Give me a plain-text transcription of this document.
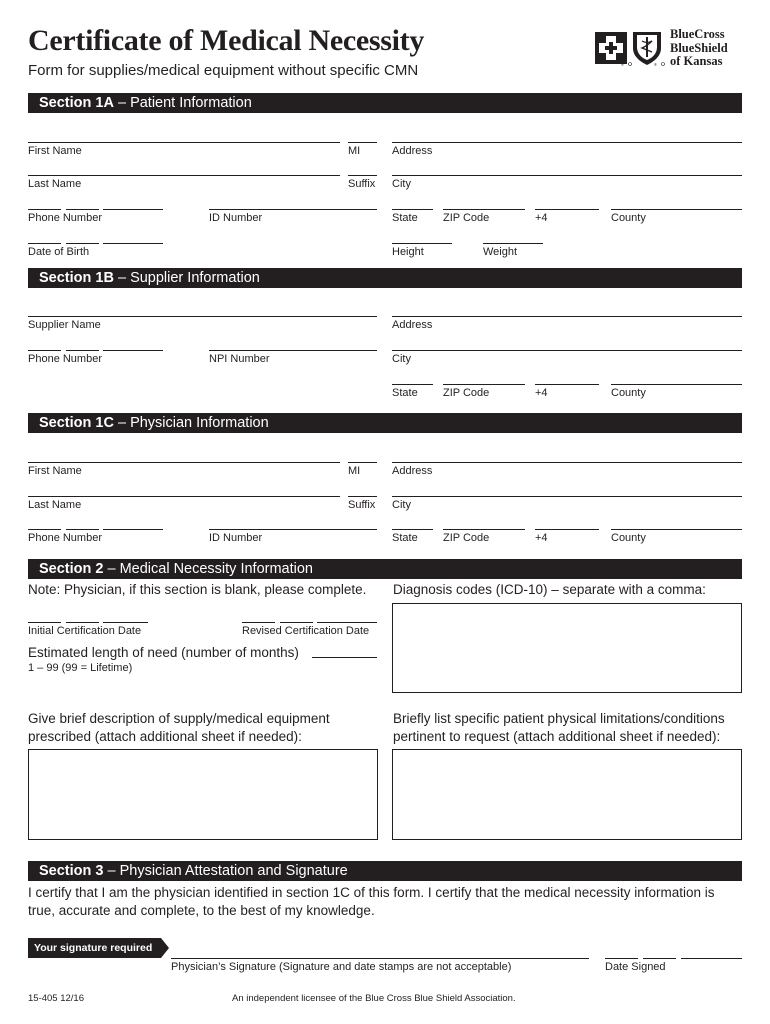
Certificate of Medical Necessity
Form for supplies/medical equipment without specific CMN
BlueCross
BlueShield
of Kansas
®	®
Section 1A – Patient Information
First Name	MI	Address
Last Name	Suffix City
Phone Number	ID Number	State ZIP Code	+4	County
Date of Birth	Height	Weight
Section 1B – Supplier Information
Supplier Name	Address
Phone Number	NPI Number	City
State ZIP Code	+4	County
Section 1C – Physician Information
First Name	MI	Address
Last Name	Suffix City
Phone Number	ID Number	State ZIP Code	+4	County
Section 2 – Medical Necessity Information
Note: Physician, if this section is blank, please complete. Diagnosis codes (ICD-10) – separate with a comma:
Initial Certification Date	Revised Certification Date
Estimated length of need (number of months)
1 – 99 (99 = Lifetime)
Give brief description of supply/medical equipment prescribed (attach additional sheet if needed):
Briefly list specific patient physical limitations/conditions pertinent to request (attach additional sheet if needed):
Section 3 – Physician Attestation and Signature
I certify that I am the physician identified in section 1C of this form. I certify that the medical necessity information is true, accurate and complete, to the best of my knowledge.
Your signature required
Physician’s Signature (Signature and date stamps are not acceptable)	Date Signed
15-405 12/16	An independent licensee of the Blue Cross Blue Shield Association.
